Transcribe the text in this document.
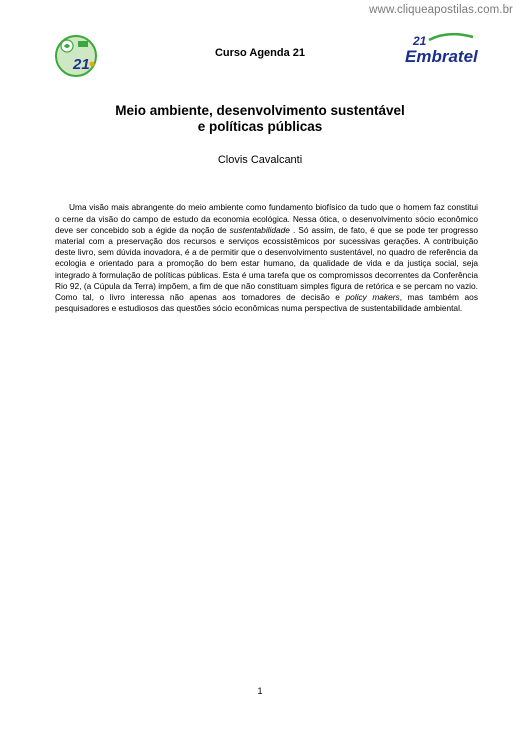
www.cliqueapostilas.com.br
21
21
Embratel
Curso Agenda 21
Meio ambiente, desenvolvimento sustentável
e políticas públicas
Clovis Cavalcanti

Uma visão mais abrangente do meio ambiente como fundamento biofísico da tudo que o homem faz constitui o cerne da visão do campo de estudo da economia ecológica. Nessa ótica, o desenvolvimento sócio econômico deve ser concebido sob a égide da noção de sustentabilidade . Só assim, de fato, é que se pode ter progresso material com a preservação dos recursos e serviços ecossistêmicos por sucessivas gerações. A contribuição deste livro, sem dúvida inovadora, é a de permitir que o desenvolvimento sustentável, no quadro de referência da ecologia e orientado para a promoção do bem estar humano, da qualidade de vida e da justiça social, seja integrado à formulação de políticas públicas. Esta é uma tarefa que os compromissos decorrentes da Conferência Rio 92, (a Cúpula da Terra) impõem, a fim de que não constituam simples figura de retórica e se percam no vazio. Como tal, o livro interessa não apenas aos tomadores de decisão e policy makers, mas também aos pesquisadores e estudiosos das questões sócio econômicas numa perspectiva de sustentabilidade ambiental.

1
